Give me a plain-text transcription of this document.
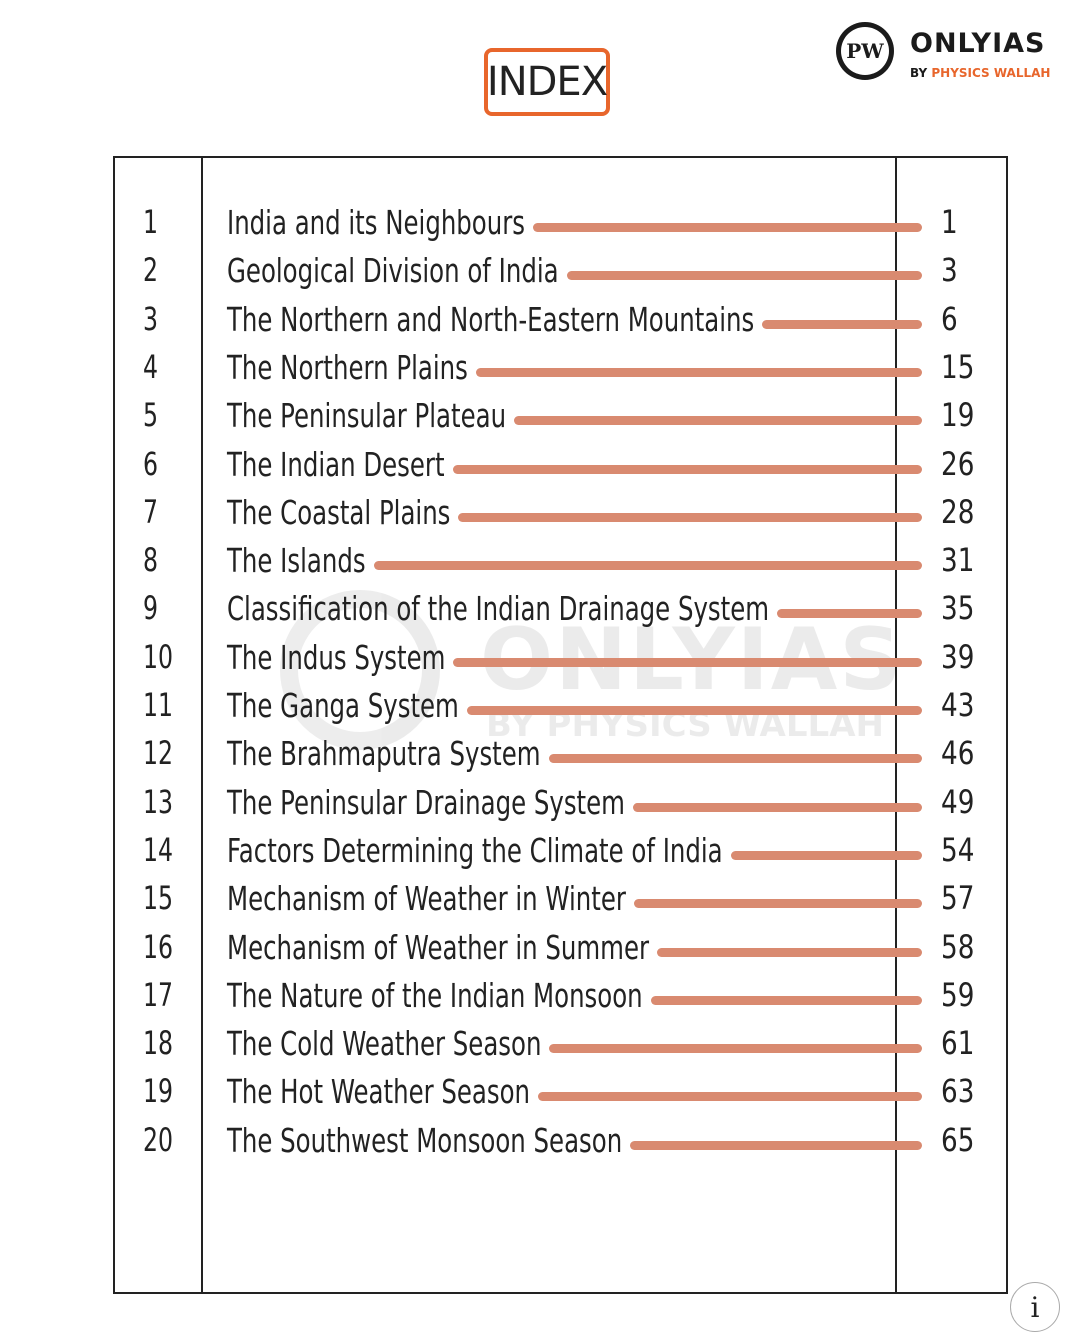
INDEX
PW ONLYIAS
BY PHYSICS WALLAH
ONLYIAS
BY PHYSICS WALLAH
1	India and its Neighbours	1
2	Geological Division of India	3
3	The Northern and North-Eastern Mountains	6
4	The Northern Plains	15
5	The Peninsular Plateau	19
6	The Indian Desert	26
7	The Coastal Plains	28
8	The Islands	31
9	Classification of the Indian Drainage System	35
10	The Indus System	39
11	The Ganga System	43
12	The Brahmaputra System	46
13	The Peninsular Drainage System	49
14	Factors Determining the Climate of India	54
15	Mechanism of Weather in Winter	57
16	Mechanism of Weather in Summer	58
17	The Nature of the Indian Monsoon	59
18	The Cold Weather Season	61
19	The Hot Weather Season	63
20	The Southwest Monsoon Season	65
i
